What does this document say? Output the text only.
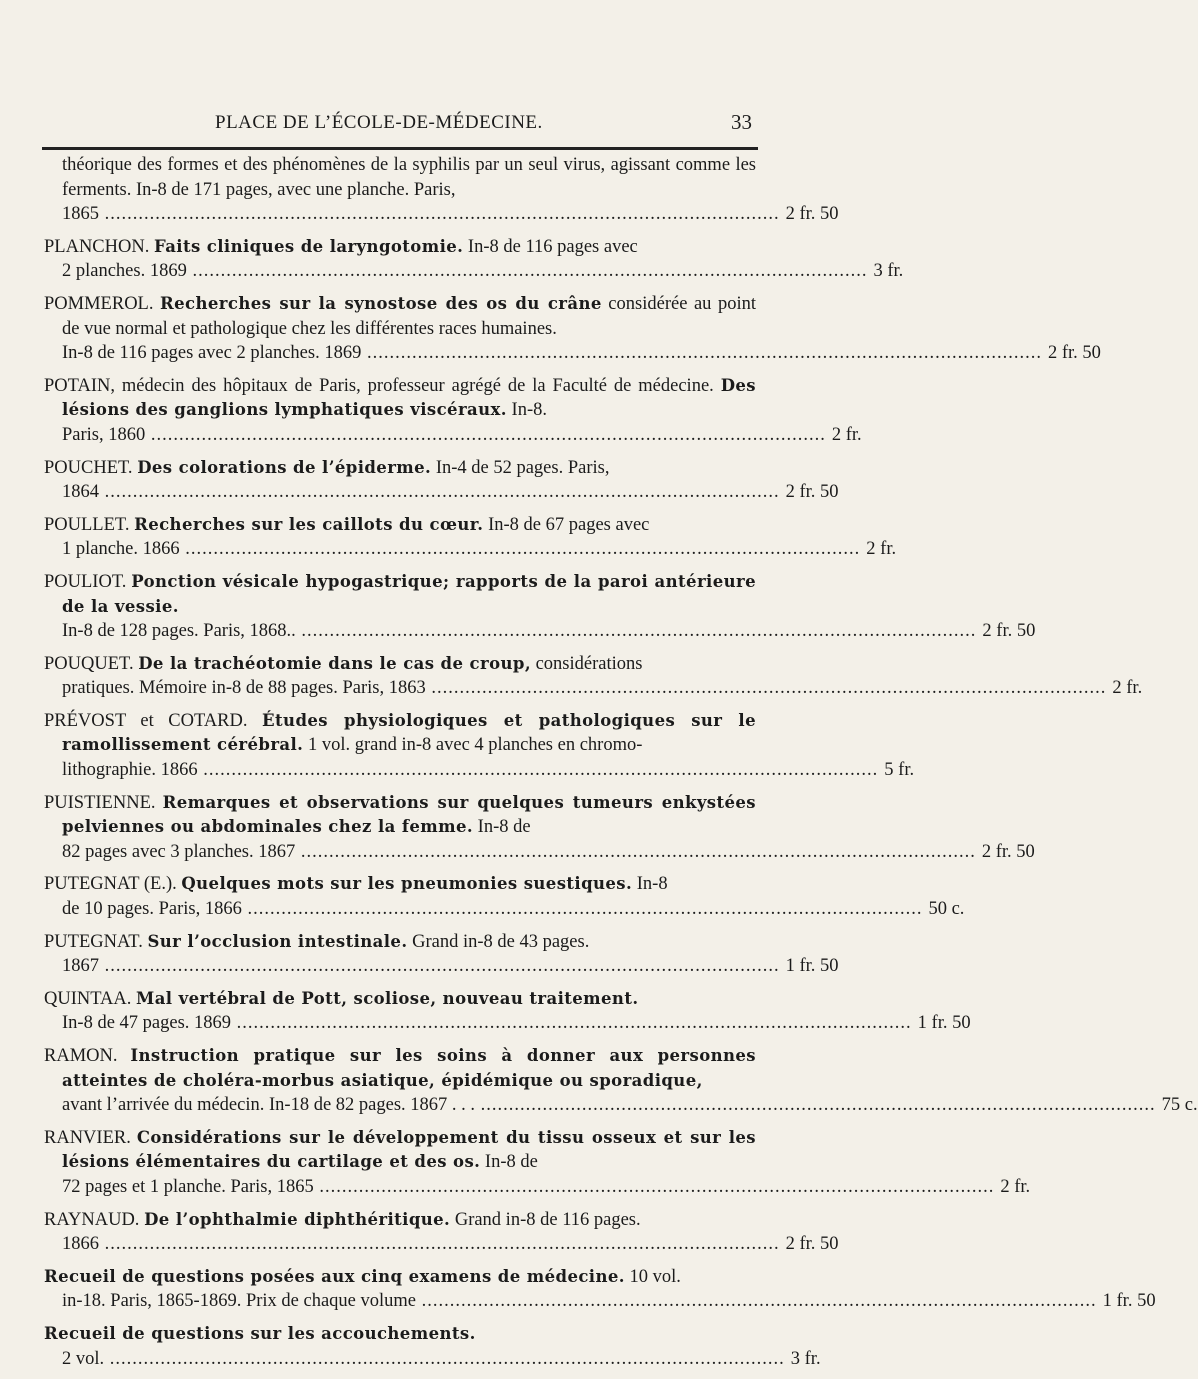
PLACE DE L’ÉCOLE-DE-MÉDECINE.	33
théorique des formes et des phénomènes de la syphilis par un seul virus, agissant comme les ferments. In-8 de 171 pages, avec une planche. Paris,
1865 ........................................................................................................................ 2 fr. 50
PLANCHON. Faits cliniques de laryngotomie. In-8 de 116 pages avec
2 planches. 1869 ........................................................................................................................ 3 fr.
POMMEROL. Recherches sur la synostose des os du crâne considérée au point de vue normal et pathologique chez les différentes races humaines.
In-8 de 116 pages avec 2 planches. 1869 ........................................................................................................................ 2 fr. 50
POTAIN, médecin des hôpitaux de Paris, professeur agrégé de la Faculté de médecine. Des lésions des ganglions lymphatiques viscéraux. In-8.
Paris, 1860 ........................................................................................................................ 2 fr.
POUCHET. Des colorations de l’épiderme. In-4 de 52 pages. Paris,
1864 ........................................................................................................................ 2 fr. 50
POULLET. Recherches sur les caillots du cœur. In-8 de 67 pages avec
1 planche. 1866 ........................................................................................................................ 2 fr.
POULIOT. Ponction vésicale hypogastrique; rapports de la paroi antérieure de la vessie.
In-8 de 128 pages. Paris, 1868.. ........................................................................................................................ 2 fr. 50
POUQUET. De la trachéotomie dans le cas de croup, considérations
pratiques. Mémoire in-8 de 88 pages. Paris, 1863 ........................................................................................................................ 2 fr.
PRÉVOST et COTARD. Études physiologiques et pathologiques sur le ramollissement cérébral. 1 vol. grand in-8 avec 4 planches en chromo-
lithographie. 1866 ........................................................................................................................ 5 fr.
PUISTIENNE. Remarques et observations sur quelques tumeurs enkystées pelviennes ou abdominales chez la femme. In-8 de
82 pages avec 3 planches. 1867 ........................................................................................................................ 2 fr. 50
PUTEGNAT (E.). Quelques mots sur les pneumonies suestiques. In-8
de 10 pages. Paris, 1866 ........................................................................................................................ 50 c.
PUTEGNAT. Sur l’occlusion intestinale. Grand in-8 de 43 pages.
1867 ........................................................................................................................ 1 fr. 50
QUINTAA. Mal vertébral de Pott, scoliose, nouveau traitement.
In-8 de 47 pages. 1869 ........................................................................................................................ 1 fr. 50
RAMON. Instruction pratique sur les soins à donner aux personnes atteintes de choléra-morbus asiatique, épidémique ou sporadique,
avant l’arrivée du médecin. In-18 de 82 pages. 1867 . . . ........................................................................................................................ 75 c.
RANVIER. Considérations sur le développement du tissu osseux et sur les lésions élémentaires du cartilage et des os. In-8 de
72 pages et 1 planche. Paris, 1865 ........................................................................................................................ 2 fr.
RAYNAUD. De l’ophthalmie diphthéritique. Grand in-8 de 116 pages.
1866 ........................................................................................................................ 2 fr. 50
Recueil de questions posées aux cinq examens de médecine. 10 vol.
in-18. Paris, 1865-1869. Prix de chaque volume ........................................................................................................................ 1 fr. 50
Recueil de questions sur les accouchements.
2 vol. ........................................................................................................................ 3 fr.
